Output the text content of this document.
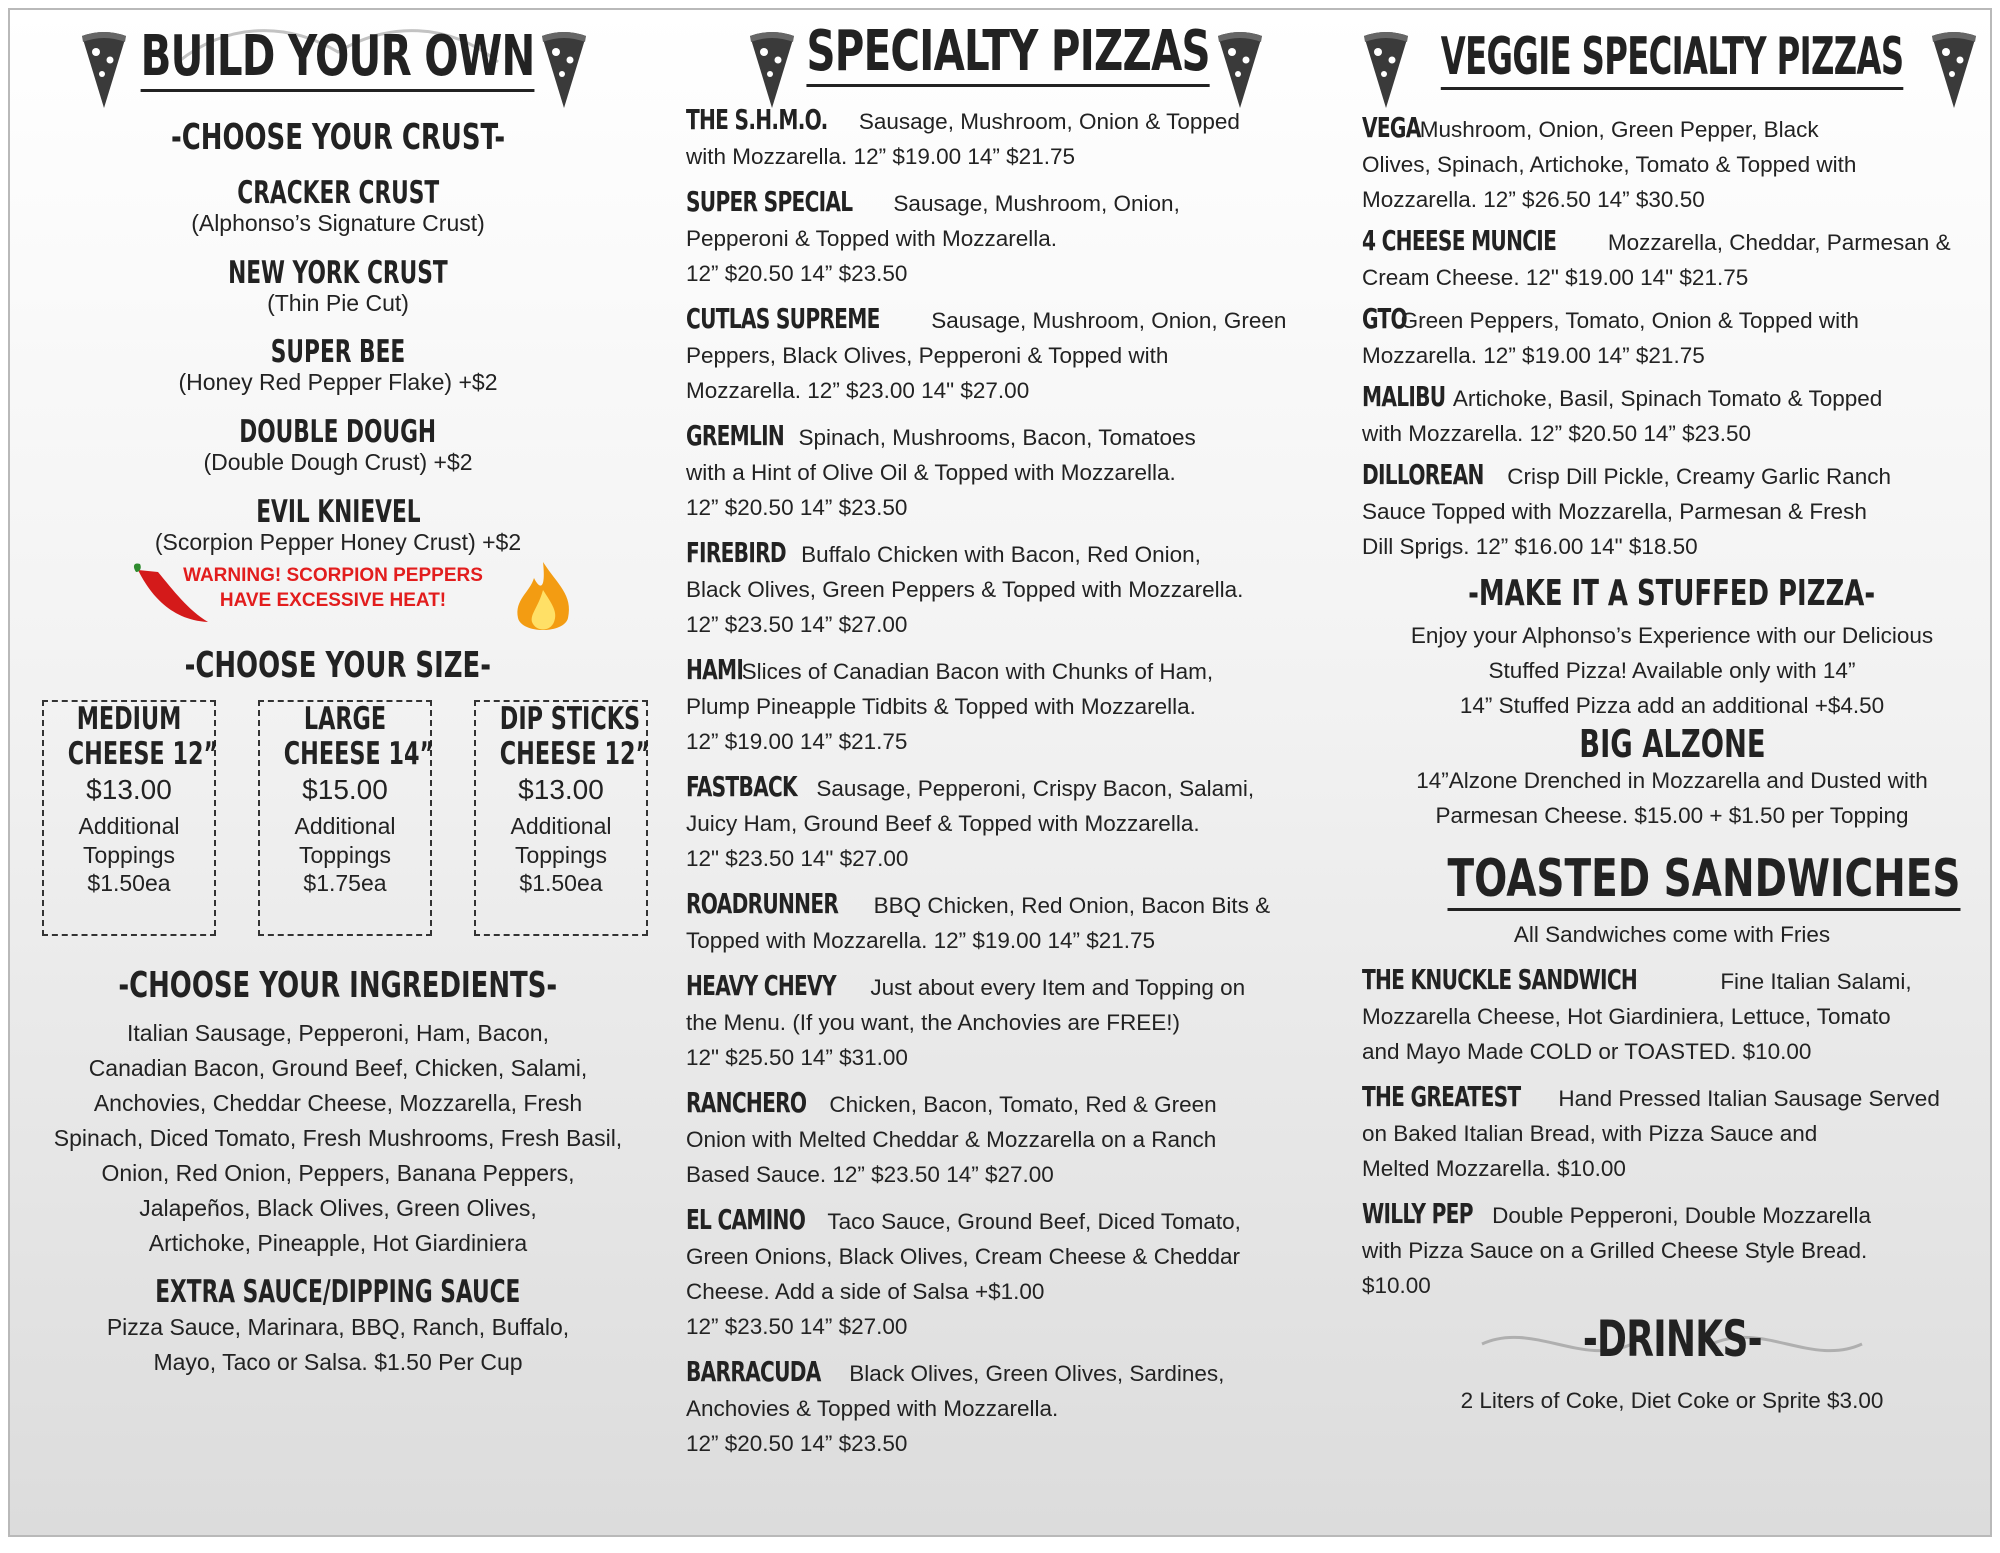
BUILD YOUR OWN
-CHOOSE YOUR CRUST-
CRACKER CRUST
(Alphonso’s Signature Crust)
NEW YORK CRUST
(Thin Pie Cut)
SUPER BEE
(Honey Red Pepper Flake) +$2
DOUBLE DOUGH
(Double Dough Crust) +$2
EVIL KNIEVEL
(Scorpion Pepper Honey Crust) +$2
WARNING! SCORPION PEPPERS
HAVE EXCESSIVE HEAT!
-CHOOSE YOUR SIZE-
MEDIUM
CHEESE 12”
$13.00
Additional
Toppings
$1.50ea
LARGE
CHEESE 14”
$15.00
Additional
Toppings
$1.75ea
DIP STICKS
CHEESE 12”
$13.00
Additional
Toppings
$1.50ea
-CHOOSE YOUR INGREDIENTS-
Italian Sausage, Pepperoni, Ham, Bacon,
Canadian Bacon, Ground Beef, Chicken, Salami,
Anchovies, Cheddar Cheese, Mozzarella, Fresh
Spinach, Diced Tomato, Fresh Mushrooms, Fresh Basil,
Onion, Red Onion, Peppers, Banana Peppers,
Jalapeños, Black Olives, Green Olives,
Artichoke, Pineapple, Hot Giardiniera
EXTRA SAUCE/DIPPING SAUCE
Pizza Sauce, Marinara, BBQ, Ranch, Buffalo,
Mayo, Taco or Salsa. $1.50 Per Cup
SPECIALTY PIZZAS
THE S.H.M.O. Sausage, Mushroom, Onion & Topped
with Mozzarella. 12” $19.00 14” $21.75
SUPER SPECIAL Sausage, Mushroom, Onion,
Pepperoni & Topped with Mozzarella.
12” $20.50 14” $23.50
CUTLAS SUPREME Sausage, Mushroom, Onion, Green
Peppers, Black Olives, Pepperoni & Topped with
Mozzarella. 12” $23.00 14" $27.00
GREMLIN Spinach, Mushrooms, Bacon, Tomatoes
with a Hint of Olive Oil & Topped with Mozzarella.
12” $20.50 14” $23.50
FIREBIRD Buffalo Chicken with Bacon, Red Onion,
Black Olives, Green Peppers & Topped with Mozzarella.
12” $23.50 14” $27.00
HAMI Slices of Canadian Bacon with Chunks of Ham,
Plump Pineapple Tidbits & Topped with Mozzarella.
12” $19.00 14” $21.75
FASTBACK Sausage, Pepperoni, Crispy Bacon, Salami,
Juicy Ham, Ground Beef & Topped with Mozzarella.
12" $23.50 14" $27.00
ROADRUNNER BBQ Chicken, Red Onion, Bacon Bits &
Topped with Mozzarella. 12” $19.00 14” $21.75
HEAVY CHEVY Just about every Item and Topping on
the Menu. (If you want, the Anchovies are FREE!)
12" $25.50 14” $31.00
RANCHERO Chicken, Bacon, Tomato, Red & Green
Onion with Melted Cheddar & Mozzarella on a Ranch
Based Sauce. 12” $23.50 14” $27.00
EL CAMINO Taco Sauce, Ground Beef, Diced Tomato,
Green Onions, Black Olives, Cream Cheese & Cheddar
Cheese. Add a side of Salsa +$1.00
12” $23.50 14” $27.00
BARRACUDA Black Olives, Green Olives, Sardines,
Anchovies & Topped with Mozzarella.
12” $20.50 14” $23.50
VEGGIE SPECIALTY PIZZAS
VEGA Mushroom, Onion, Green Pepper, Black
Olives, Spinach, Artichoke, Tomato & Topped with
Mozzarella. 12” $26.50 14” $30.50
4 CHEESE MUNCIE Mozzarella, Cheddar, Parmesan &
Cream Cheese. 12" $19.00 14" $21.75
GTO Green Peppers, Tomato, Onion & Topped with
Mozzarella. 12” $19.00 14” $21.75
MALIBU Artichoke, Basil, Spinach Tomato & Topped
with Mozzarella. 12” $20.50 14” $23.50
DILLOREAN Crisp Dill Pickle, Creamy Garlic Ranch
Sauce Topped with Mozzarella, Parmesan & Fresh
Dill Sprigs. 12” $16.00 14" $18.50
-MAKE IT A STUFFED PIZZA-
Enjoy your Alphonso’s Experience with our Delicious
Stuffed Pizza! Available only with 14”
14” Stuffed Pizza add an additional +$4.50
BIG ALZONE
14”Alzone Drenched in Mozzarella and Dusted with
Parmesan Cheese. $15.00 + $1.50 per Topping
TOASTED SANDWICHES
All Sandwiches come with Fries
THE KNUCKLE SANDWICH	Fine Italian Salami,
Mozzarella Cheese, Hot Giardiniera, Lettuce, Tomato
and Mayo Made COLD or TOASTED. $10.00
THE GREATEST Hand Pressed Italian Sausage Served
on Baked Italian Bread, with Pizza Sauce and
Melted Mozzarella. $10.00
WILLY PEP Double Pepperoni, Double Mozzarella
with Pizza Sauce on a Grilled Cheese Style Bread.
$10.00
-DRINKS-
2 Liters of Coke, Diet Coke or Sprite $3.00
